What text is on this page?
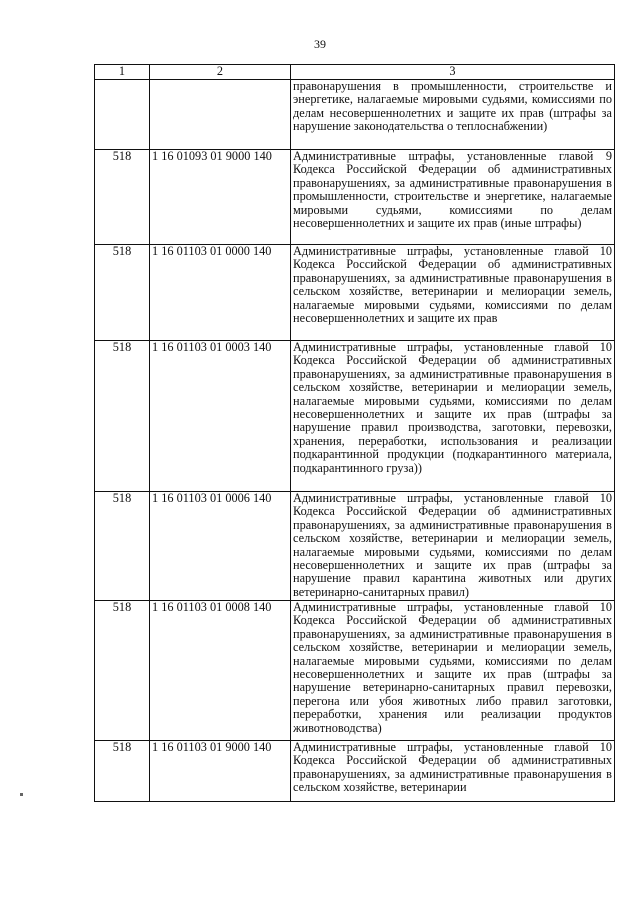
39
1	2	3
		правонарушения в промышленности, строительстве и энергетике, налагаемые мировыми судьями, комиссиями по делам несовершеннолетних и защите их прав (штрафы за нарушение законодательства о теплоснабжении)
518	1 16 01093 01 9000 140	Административные штрафы, установленные главой 9 Кодекса Российской Федерации об административных правонарушениях, за административные правонарушения в промышленности, строительстве и энергетике, налагаемые мировыми судьями, комиссиями по делам несовершеннолетних и защите их прав (иные штрафы)
518	1 16 01103 01 0000 140	Административные штрафы, установленные главой 10 Кодекса Российской Федерации об административных правонарушениях, за административные правонарушения в сельском хозяйстве, ветеринарии и мелиорации земель, налагаемые мировыми судьями, комиссиями по делам несовершеннолетних и защите их прав
518	1 16 01103 01 0003 140	Административные штрафы, установленные главой 10 Кодекса Российской Федерации об административных правонарушениях, за административные правонарушения в сельском хозяйстве, ветеринарии и мелиорации земель, налагаемые мировыми судьями, комиссиями по делам несовершеннолетних и защите их прав (штрафы за нарушение правил производства, заготовки, перевозки, хранения, переработки, использования и реализации подкарантинной продукции (подкарантинного материала, подкарантинного груза))
518	1 16 01103 01 0006 140	Административные штрафы, установленные главой 10 Кодекса Российской Федерации об административных правонарушениях, за административные правонарушения в сельском хозяйстве, ветеринарии и мелиорации земель, налагаемые мировыми судьями, комиссиями по делам несовершеннолетних и защите их прав (штрафы за нарушение правил карантина животных или других ветеринарно-санитарных правил)
518	1 16 01103 01 0008 140	Административные штрафы, установленные главой 10 Кодекса Российской Федерации об административных правонарушениях, за административные правонарушения в сельском хозяйстве, ветеринарии и мелиорации земель, налагаемые мировыми судьями, комиссиями по делам несовершеннолетних и защите их прав (штрафы за нарушение ветеринарно-санитарных правил перевозки, перегона или убоя животных либо правил заготовки, переработки, хранения или реализации продуктов животноводства)
518	1 16 01103 01 9000 140	Административные штрафы, установленные главой 10 Кодекса Российской Федерации об административных правонарушениях, за административные правонарушения в сельском хозяйстве, ветеринарии
